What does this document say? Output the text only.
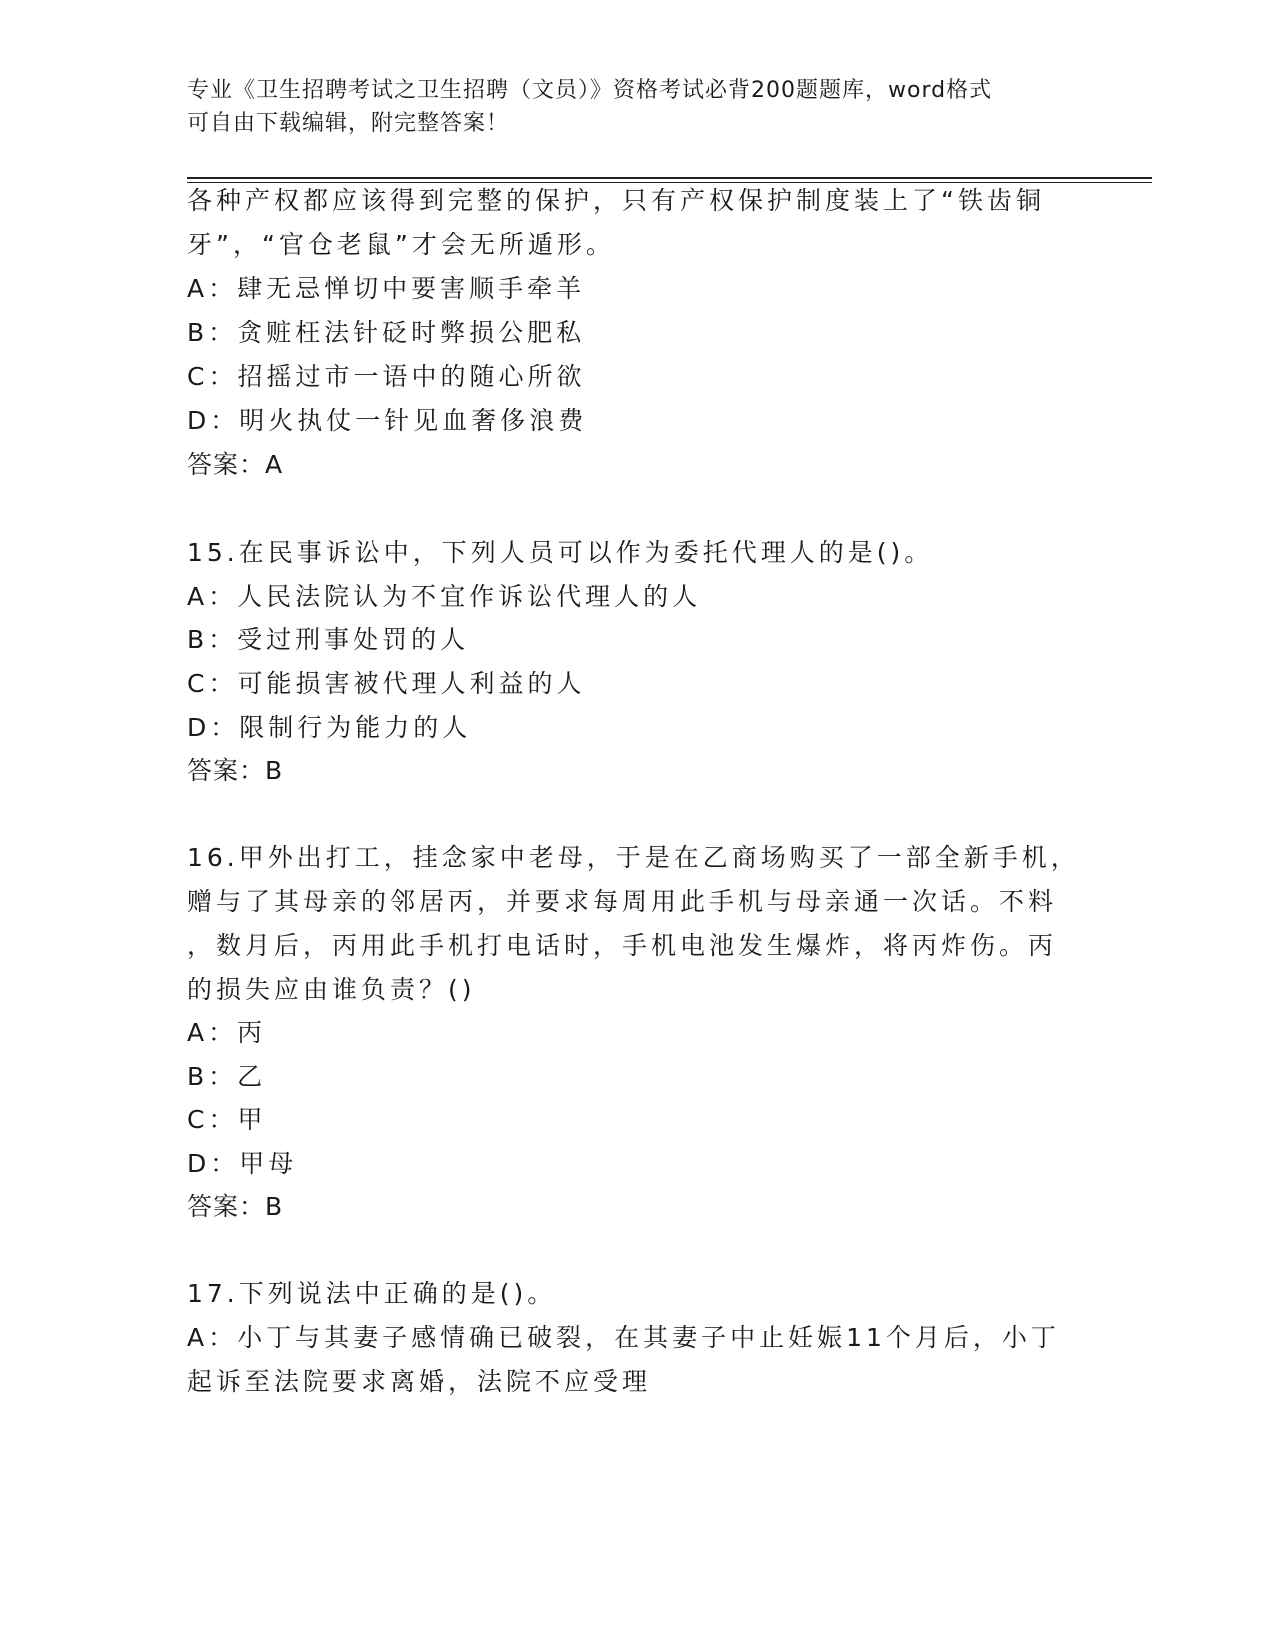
专业《卫生招聘考试之卫生招聘（文员）》资格考试必背200题题库，word格式
可自由下载编辑，附完整答案！
各种产权都应该得到完整的保护，只有产权保护制度装上了“铁齿铜
牙”，“官仓老鼠”才会无所遁形。
A：肆无忌惮切中要害顺手牵羊
B：贪赃枉法针砭时弊损公肥私
C：招摇过市一语中的随心所欲
D：明火执仗一针见血奢侈浪费
答案：A
15.在民事诉讼中，下列人员可以作为委托代理人的是()。
A：人民法院认为不宜作诉讼代理人的人
B：受过刑事处罚的人
C：可能损害被代理人利益的人
D：限制行为能力的人
答案：B
16.甲外出打工，挂念家中老母，于是在乙商场购买了一部全新手机，
赠与了其母亲的邻居丙，并要求每周用此手机与母亲通一次话。不料
，数月后，丙用此手机打电话时，手机电池发生爆炸，将丙炸伤。丙
的损失应由谁负责？()
A：丙
B：乙
C：甲
D：甲母
答案：B
17.下列说法中正确的是()。
A：小丁与其妻子感情确已破裂，在其妻子中止妊娠11个月后，小丁
起诉至法院要求离婚，法院不应受理
